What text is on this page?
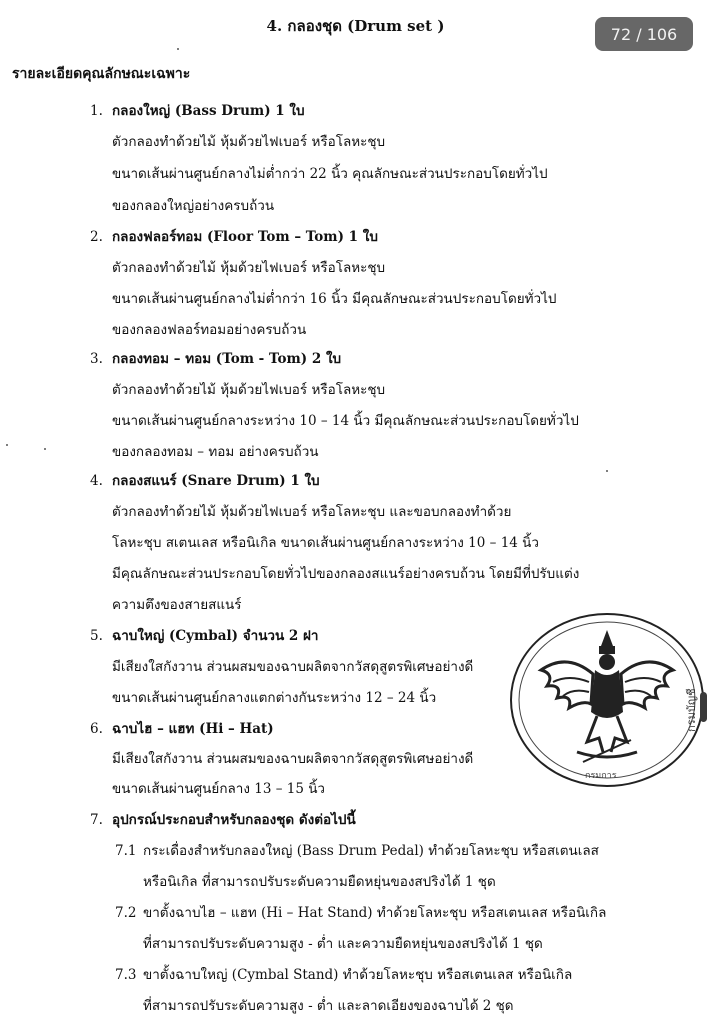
4. กลองชุด (Drum set )
รายละเอียดคุณลักษณะเฉพาะ
1. กลองใหญ่ (Bass Drum) 1 ใบ
ตัวกลองทำด้วยไม้ หุ้มด้วยไฟเบอร์ หรือโลหะชุบ
ขนาดเส้นผ่านศูนย์กลางไม่ต่ำกว่า 22 นิ้ว คุณลักษณะส่วนประกอบโดยทั่วไป
ของกลองใหญ่อย่างครบถ้วน
2. กลองฟลอร์ทอม (Floor Tom – Tom) 1 ใบ
ตัวกลองทำด้วยไม้ หุ้มด้วยไฟเบอร์ หรือโลหะชุบ
ขนาดเส้นผ่านศูนย์กลางไม่ต่ำกว่า 16 นิ้ว มีคุณลักษณะส่วนประกอบโดยทั่วไป
ของกลองฟลอร์ทอมอย่างครบถ้วน
3. กลองทอม – ทอม (Tom - Tom) 2 ใบ
ตัวกลองทำด้วยไม้ หุ้มด้วยไฟเบอร์ หรือโลหะชุบ
ขนาดเส้นผ่านศูนย์กลางระหว่าง 10 – 14 นิ้ว มีคุณลักษณะส่วนประกอบโดยทั่วไป
ของกลองทอม – ทอม อย่างครบถ้วน
4. กลองสแนร์ (Snare Drum) 1 ใบ
ตัวกลองทำด้วยไม้ หุ้มด้วยไฟเบอร์ หรือโลหะชุบ และขอบกลองทำด้วย
โลหะชุบ สเตนเลส หรือนิเกิล ขนาดเส้นผ่านศูนย์กลางระหว่าง 10 – 14 นิ้ว
มีคุณลักษณะส่วนประกอบโดยทั่วไปของกลองสแนร์อย่างครบถ้วน โดยมีที่ปรับแต่ง
ความตึงของสายสแนร์
5. ฉาบใหญ่ (Cymbal) จำนวน 2 ฝา
มีเสียงใสกังวาน ส่วนผสมของฉาบผลิตจากวัสดุสูตรพิเศษอย่างดี
ขนาดเส้นผ่านศูนย์กลางแตกต่างกันระหว่าง 12 – 24 นิ้ว
6. ฉาบไฮ – แฮท (Hi – Hat)
มีเสียงใสกังวาน ส่วนผสมของฉาบผลิตจากวัสดุสูตรพิเศษอย่างดี
ขนาดเส้นผ่านศูนย์กลาง 13 – 15 นิ้ว
7. อุปกรณ์ประกอบสำหรับกลองชุด ดังต่อไปนี้
7.1 กระเดื่องสำหรับกลองใหญ่ (Bass Drum Pedal) ทำด้วยโลหะชุบ หรือสเตนเลส
หรือนิเกิล ที่สามารถปรับระดับความยืดหยุ่นของสปริงได้ 1 ชุด
7.2 ขาตั้งฉาบไฮ – แฮท (Hi – Hat Stand) ทำด้วยโลหะชุบ หรือสเตนเลส หรือนิเกิล
ที่สามารถปรับระดับความสูง - ต่ำ และความยืดหยุ่นของสปริงได้ 1 ชุด
7.3 ขาตั้งฉาบใหญ่ (Cymbal Stand) ทำด้วยโลหะชุบ หรือสเตนเลส หรือนิเกิล
ที่สามารถปรับระดับความสูง - ต่ำ และลาดเอียงของฉาบได้ 2 ชุด
กรมบัญชี
กรมการ
72 / 106
